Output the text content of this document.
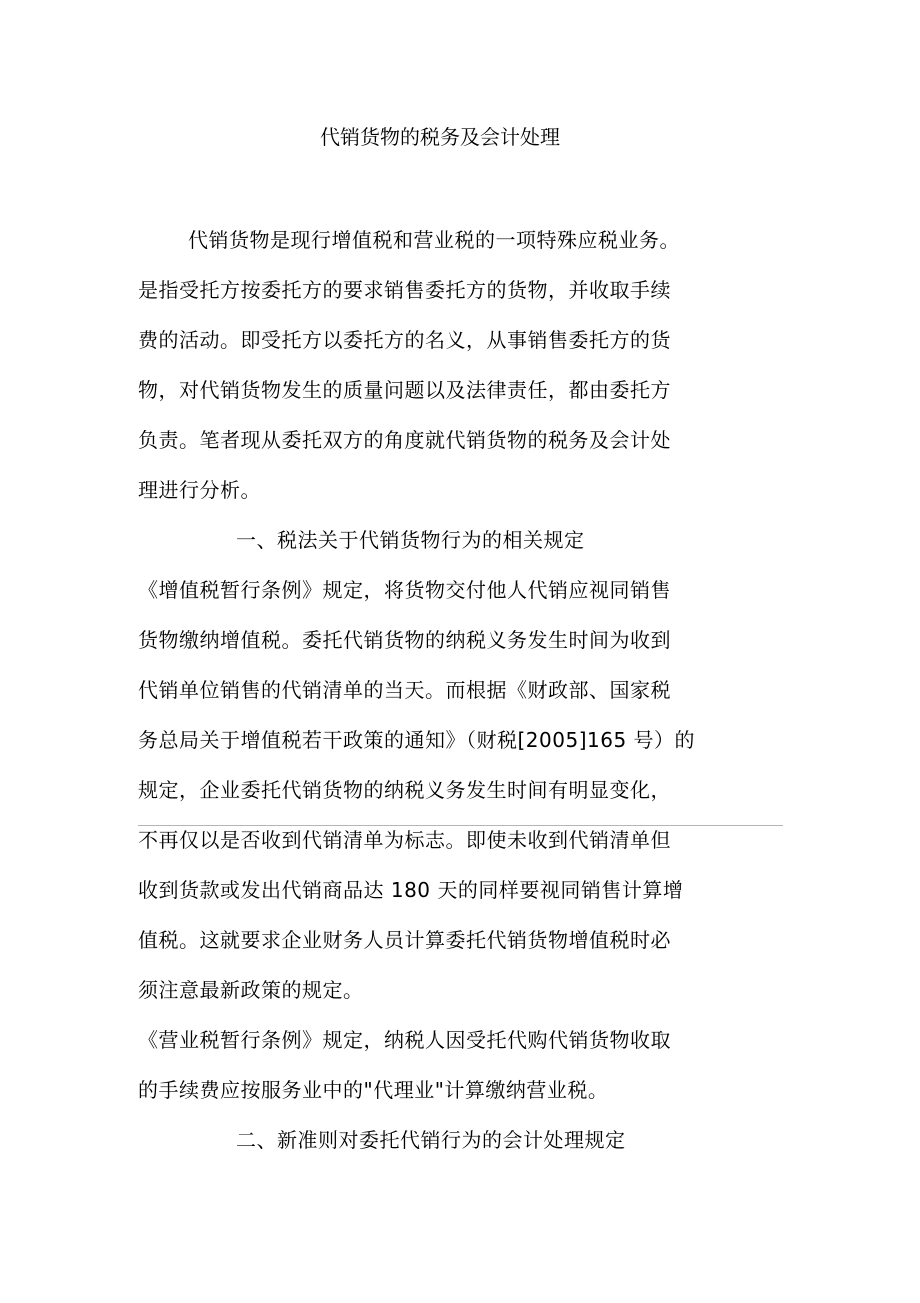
代销货物的税务及会计处理
代销货物是现行增值税和营业税的一项特殊应税业务。
是指受托方按委托方的要求销售委托方的货物，并收取手续
费的活动。即受托方以委托方的名义，从事销售委托方的货
物，对代销货物发生的质量问题以及法律责任，都由委托方
负责。笔者现从委托双方的角度就代销货物的税务及会计处
理进行分析。
一、税法关于代销货物行为的相关规定
《增值税暂行条例》规定，将货物交付他人代销应视同销售
货物缴纳增值税。委托代销货物的纳税义务发生时间为收到
代销单位销售的代销清单的当天。而根据《财政部、国家税
务总局关于增值税若干政策的通知》（财税[2005]165 号）的
规定，企业委托代销货物的纳税义务发生时间有明显变化，
不再仅以是否收到代销清单为标志。即使未收到代销清单但
收到货款或发出代销商品达 180 天的同样要视同销售计算增
值税。这就要求企业财务人员计算委托代销货物增值税时必
须注意最新政策的规定。
《营业税暂行条例》规定，纳税人因受托代购代销货物收取
的手续费应按服务业中的"代理业"计算缴纳营业税。
二、新准则对委托代销行为的会计处理规定
